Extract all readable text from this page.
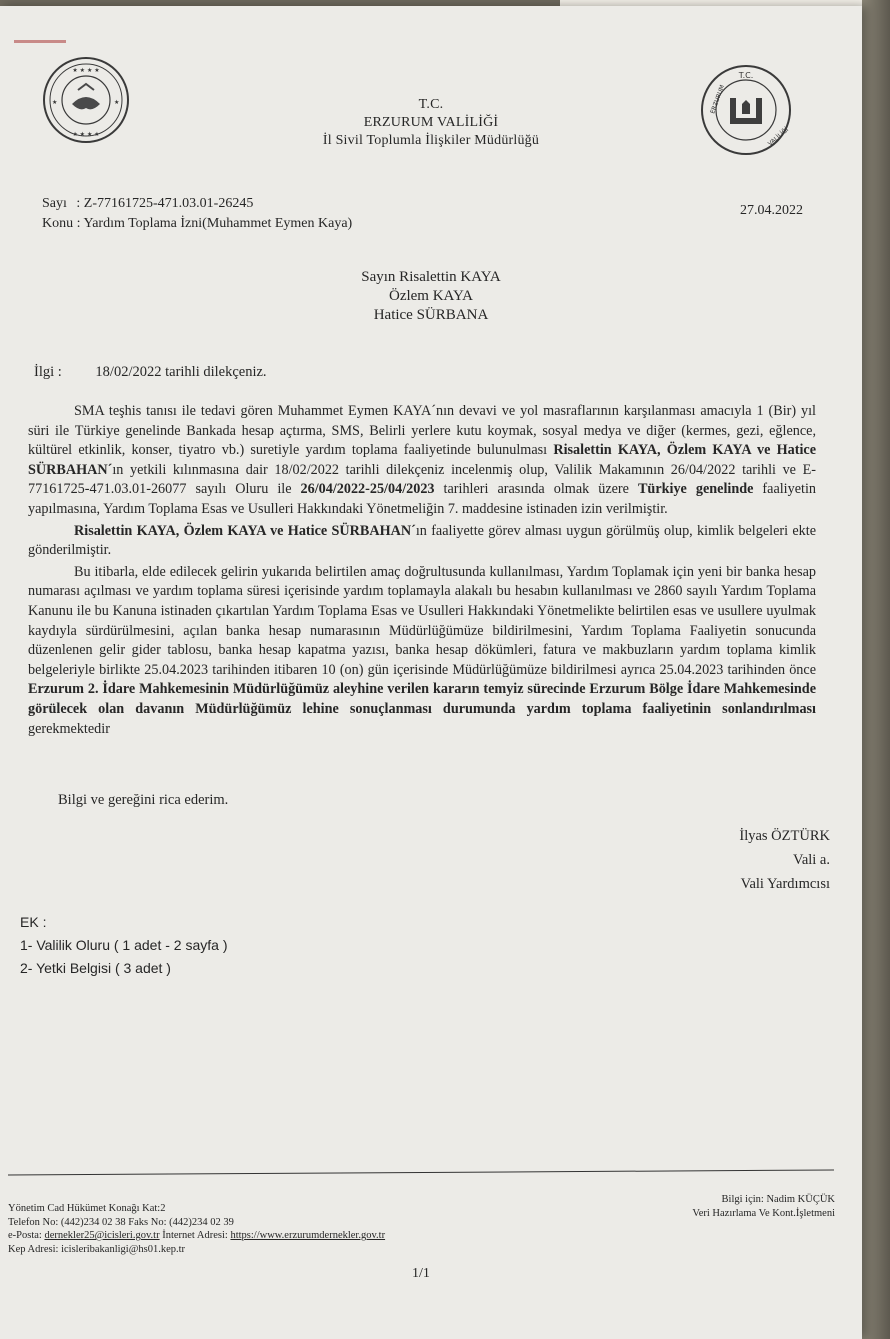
★ ★ ★ ★
★ ★ ★ ★
★	★
T.C.
ERZURUM
VALİLİĞİ
T.C.
ERZURUM VALİLİĞİ
İl Sivil Toplumla İlişkiler Müdürlüğü
Sayı : Z-77161725-471.03.01-26245
Konu : Yardım Toplama İzni(Muhammet Eymen Kaya)
27.04.2022
Sayın Risalettin KAYA
Özlem KAYA
Hatice SÜRBANA
İlgi : 18/02/2022 tarihli dilekçeniz.

SMA teşhis tanısı ile tedavi gören Muhammet Eymen KAYA´nın devavi ve yol masraflarının karşılanması amacıyla 1 (Bir) yıl süri ile Türkiye genelinde Bankada hesap açtırma, SMS, Belirli yerlere kutu koymak, sosyal medya ve diğer (kermes, gezi, eğlence, kültürel etkinlik, konser, tiyatro vb.) suretiyle yardım toplama faaliyetinde bulunulması Risalettin KAYA, Özlem KAYA ve Hatice SÜRBAHAN´ın yetkili kılınmasına dair 18/02/2022 tarihli dilekçeniz incelenmiş olup, Valilik Makamının 26/04/2022 tarihli ve E-77161725-471.03.01-26077 sayılı Oluru ile 26/04/2022-25/04/2023 tarihleri arasında olmak üzere Türkiye genelinde faaliyetin yapılmasına, Yardım Toplama Esas ve Usulleri Hakkındaki Yönetmeliğin 7. maddesine istinaden izin verilmiştir.

Risalettin KAYA, Özlem KAYA ve Hatice SÜRBAHAN´ın faaliyette görev alması uygun görülmüş olup, kimlik belgeleri ekte gönderilmiştir.

Bu itibarla, elde edilecek gelirin yukarıda belirtilen amaç doğrultusunda kullanılması, Yardım Toplamak için yeni bir banka hesap numarası açılması ve yardım toplama süresi içerisinde yardım toplamayla alakalı bu hesabın kullanılması ve 2860 sayılı Yardım Toplama Kanunu ile bu Kanuna istinaden çıkartılan Yardım Toplama Esas ve Usulleri Hakkındaki Yönetmelikte belirtilen esas ve usullere uyulmak kaydıyla sürdürülmesini, açılan banka hesap numarasının Müdürlüğümüze bildirilmesini, Yardım Toplama Faaliyetin sonucunda düzenlenen gelir gider tablosu, banka hesap kapatma yazısı, banka hesap dökümleri, fatura ve makbuzların yardım toplama kimlik belgeleriyle birlikte 25.04.2023 tarihinden itibaren 10 (on) gün içerisinde Müdürlüğümüze bildirilmesi ayrıca 25.04.2023 tarihinden önce Erzurum 2. İdare Mahkemesinin Müdürlüğümüz aleyhine verilen kararın temyiz sürecinde Erzurum Bölge İdare Mahkemesinde görülecek olan davanın Müdürlüğümüz lehine sonuçlanması durumunda yardım toplama faaliyetinin sonlandırılması gerekmektedir

Bilgi ve gereğini rica ederim.
İlyas ÖZTÜRK
Vali a.
Vali Yardımcısı
EK :
1- Valilik Oluru ( 1 adet - 2 sayfa )
2- Yetki Belgisi ( 3 adet )
Yönetim Cad Hükümet Konağı Kat:2
Telefon No: (442)234 02 38 Faks No: (442)234 02 39
e-Posta: dernekler25@icisleri.gov.tr İnternet Adresi: https://www.erzurumdernekler.gov.tr
Kep Adresi: icisleribakanligi@hs01.kep.tr
Bilgi için: Nadim KÜÇÜK
Veri Hazırlama Ve Kont.İşletmeni
1/1
